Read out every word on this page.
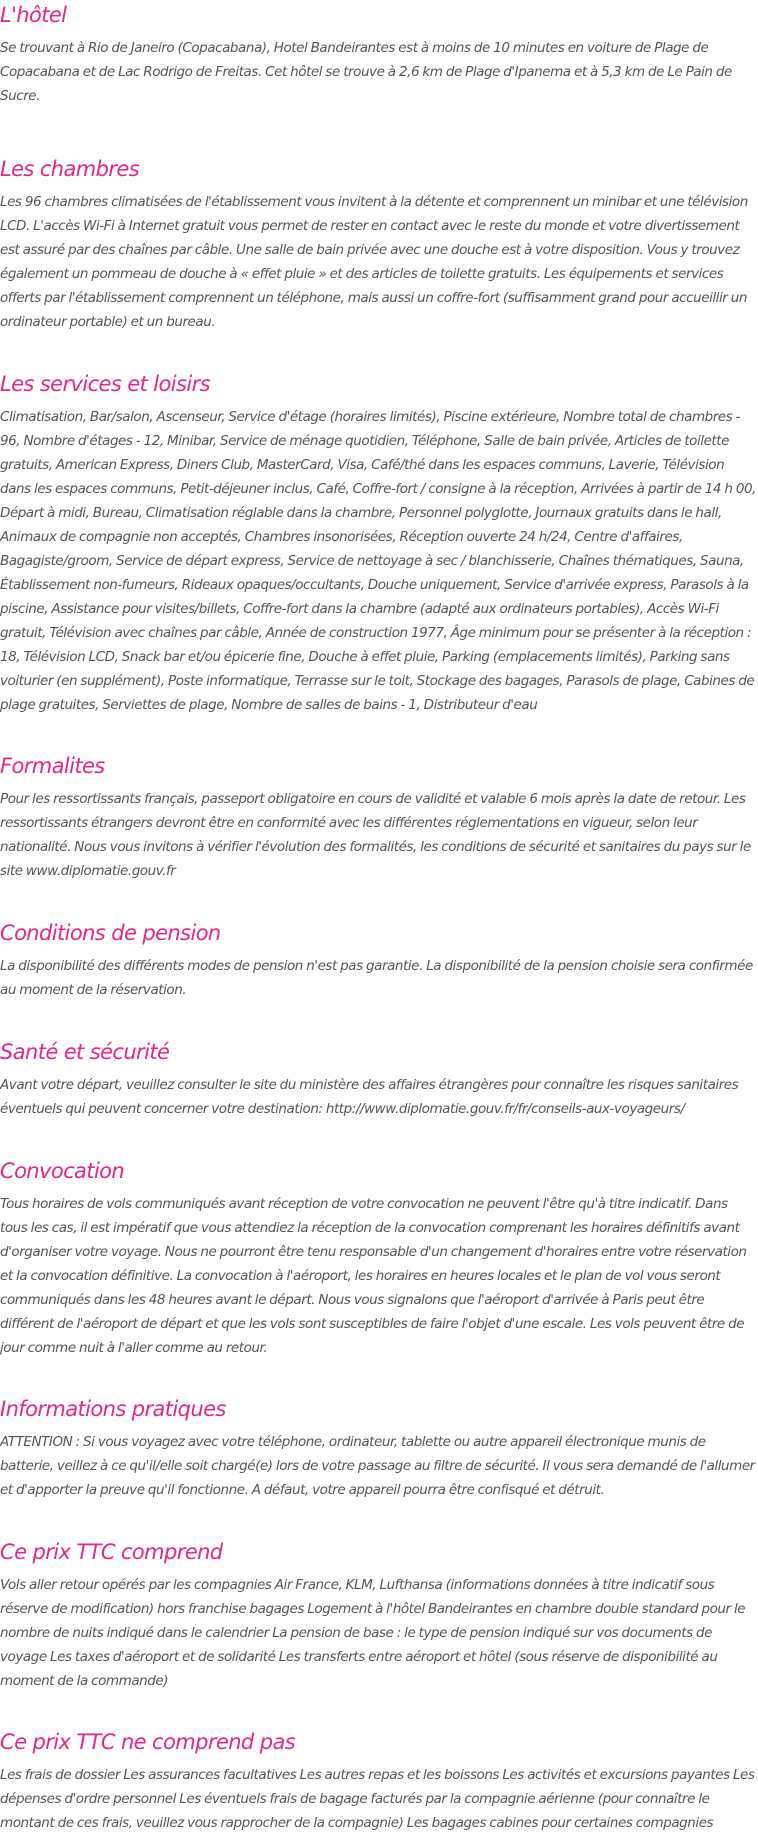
L'hôtel

Se trouvant à Rio de Janeiro (Copacabana), Hotel Bandeirantes est à moins de 10 minutes en voiture de Plage de Copacabana et de Lac Rodrigo de Freitas. Cet hôtel se trouve à 2,6 km de Plage d'Ipanema et à 5,3 km de Le Pain de Sucre.

Les chambres

Les 96 chambres climatisées de l'établissement vous invitent à la détente et comprennent un minibar et une télévision LCD. L'accès Wi-Fi à Internet gratuit vous permet de rester en contact avec le reste du monde et votre divertissement est assuré par des chaînes par câble. Une salle de bain privée avec une douche est à votre disposition. Vous y trouvez également un pommeau de douche à « effet pluie » et des articles de toilette gratuits. Les équipements et services offerts par l'établissement comprennent un téléphone, mais aussi un coffre-fort (suffisamment grand pour accueillir un ordinateur portable) et un bureau.

Les services et loisirs

Climatisation, Bar/salon, Ascenseur, Service d'étage (horaires limités), Piscine extérieure, Nombre total de chambres - 96, Nombre d'étages - 12, Minibar, Service de ménage quotidien, Téléphone, Salle de bain privée, Articles de toilette gratuits, American Express, Diners Club, MasterCard, Visa, Café/thé dans les espaces communs, Laverie, Télévision dans les espaces communs, Petit-déjeuner inclus, Café, Coffre-fort / consigne à la réception, Arrivées à partir de 14 h 00, Départ à midi, Bureau, Climatisation réglable dans la chambre, Personnel polyglotte, Journaux gratuits dans le hall, Animaux de compagnie non acceptés, Chambres insonorisées, Réception ouverte 24 h/24, Centre d'affaires, Bagagiste/groom, Service de départ express, Service de nettoyage à sec / blanchisserie, Chaînes thématiques, Sauna, Établissement non-fumeurs, Rideaux opaques/occultants, Douche uniquement, Service d'arrivée express, Parasols à la piscine, Assistance pour visites/billets, Coffre-fort dans la chambre (adapté aux ordinateurs portables), Accès Wi-Fi gratuit, Télévision avec chaînes par câble, Année de construction 1977, Âge minimum pour se présenter à la réception : 18, Télévision LCD, Snack bar et/ou épicerie fine, Douche à effet pluie, Parking (emplacements limités), Parking sans voiturier (en supplément), Poste informatique, Terrasse sur le toit, Stockage des bagages, Parasols de plage, Cabines de plage gratuites, Serviettes de plage, Nombre de salles de bains - 1, Distributeur d'eau

Formalites

Pour les ressortissants français, passeport obligatoire en cours de validité et valable 6 mois après la date de retour. Les ressortissants étrangers devront être en conformité avec les différentes réglementations en vigueur, selon leur nationalité. Nous vous invitons à vérifier l'évolution des formalités, les conditions de sécurité et sanitaires du pays sur le site www.diplomatie.gouv.fr

Conditions de pension

La disponibilité des différents modes de pension n'est pas garantie. La disponibilité de la pension choisie sera confirmée au moment de la réservation.

Santé et sécurité

Avant votre départ, veuillez consulter le site du ministère des affaires étrangères pour connaître les risques sanitaires éventuels qui peuvent concerner votre destination: http://www.diplomatie.gouv.fr/fr/conseils-aux-voyageurs/

Convocation

Tous horaires de vols communiqués avant réception de votre convocation ne peuvent l'être qu'à titre indicatif. Dans tous les cas, il est impératif que vous attendiez la réception de la convocation comprenant les horaires définitifs avant d'organiser votre voyage. Nous ne pourront être tenu responsable d'un changement d'horaires entre votre réservation et la convocation définitive. La convocation à l'aéroport, les horaires en heures locales et le plan de vol vous seront communiqués dans les 48 heures avant le départ. Nous vous signalons que l'aéroport d'arrivée à Paris peut être différent de l'aéroport de départ et que les vols sont susceptibles de faire l'objet d'une escale. Les vols peuvent être de jour comme nuit à l'aller comme au retour.

Informations pratiques

ATTENTION : Si vous voyagez avec votre téléphone, ordinateur, tablette ou autre appareil électronique munis de batterie, veillez à ce qu'il/elle soit chargé(e) lors de votre passage au filtre de sécurité. Il vous sera demandé de l'allumer et d'apporter la preuve qu'il fonctionne. A défaut, votre appareil pourra être confisqué et détruit.

Ce prix TTC comprend

Vols aller retour opérés par les compagnies Air France, KLM, Lufthansa (informations données à titre indicatif sous réserve de modification) hors franchise bagages Logement à l'hôtel Bandeirantes en chambre double standard pour le nombre de nuits indiqué dans le calendrier La pension de base : le type de pension indiqué sur vos documents de voyage Les taxes d'aéroport et de solidarité Les transferts entre aéroport et hôtel (sous réserve de disponibilité au moment de la commande)

Ce prix TTC ne comprend pas

Les frais de dossier Les assurances facultatives Les autres repas et les boissons Les activités et excursions payantes Les dépenses d'ordre personnel Les éventuels frais de bagage facturés par la compagnie aérienne (pour connaître le montant de ces frais, veuillez vous rapprocher de la compagnie) Les bagages cabines pour certaines compagnies
